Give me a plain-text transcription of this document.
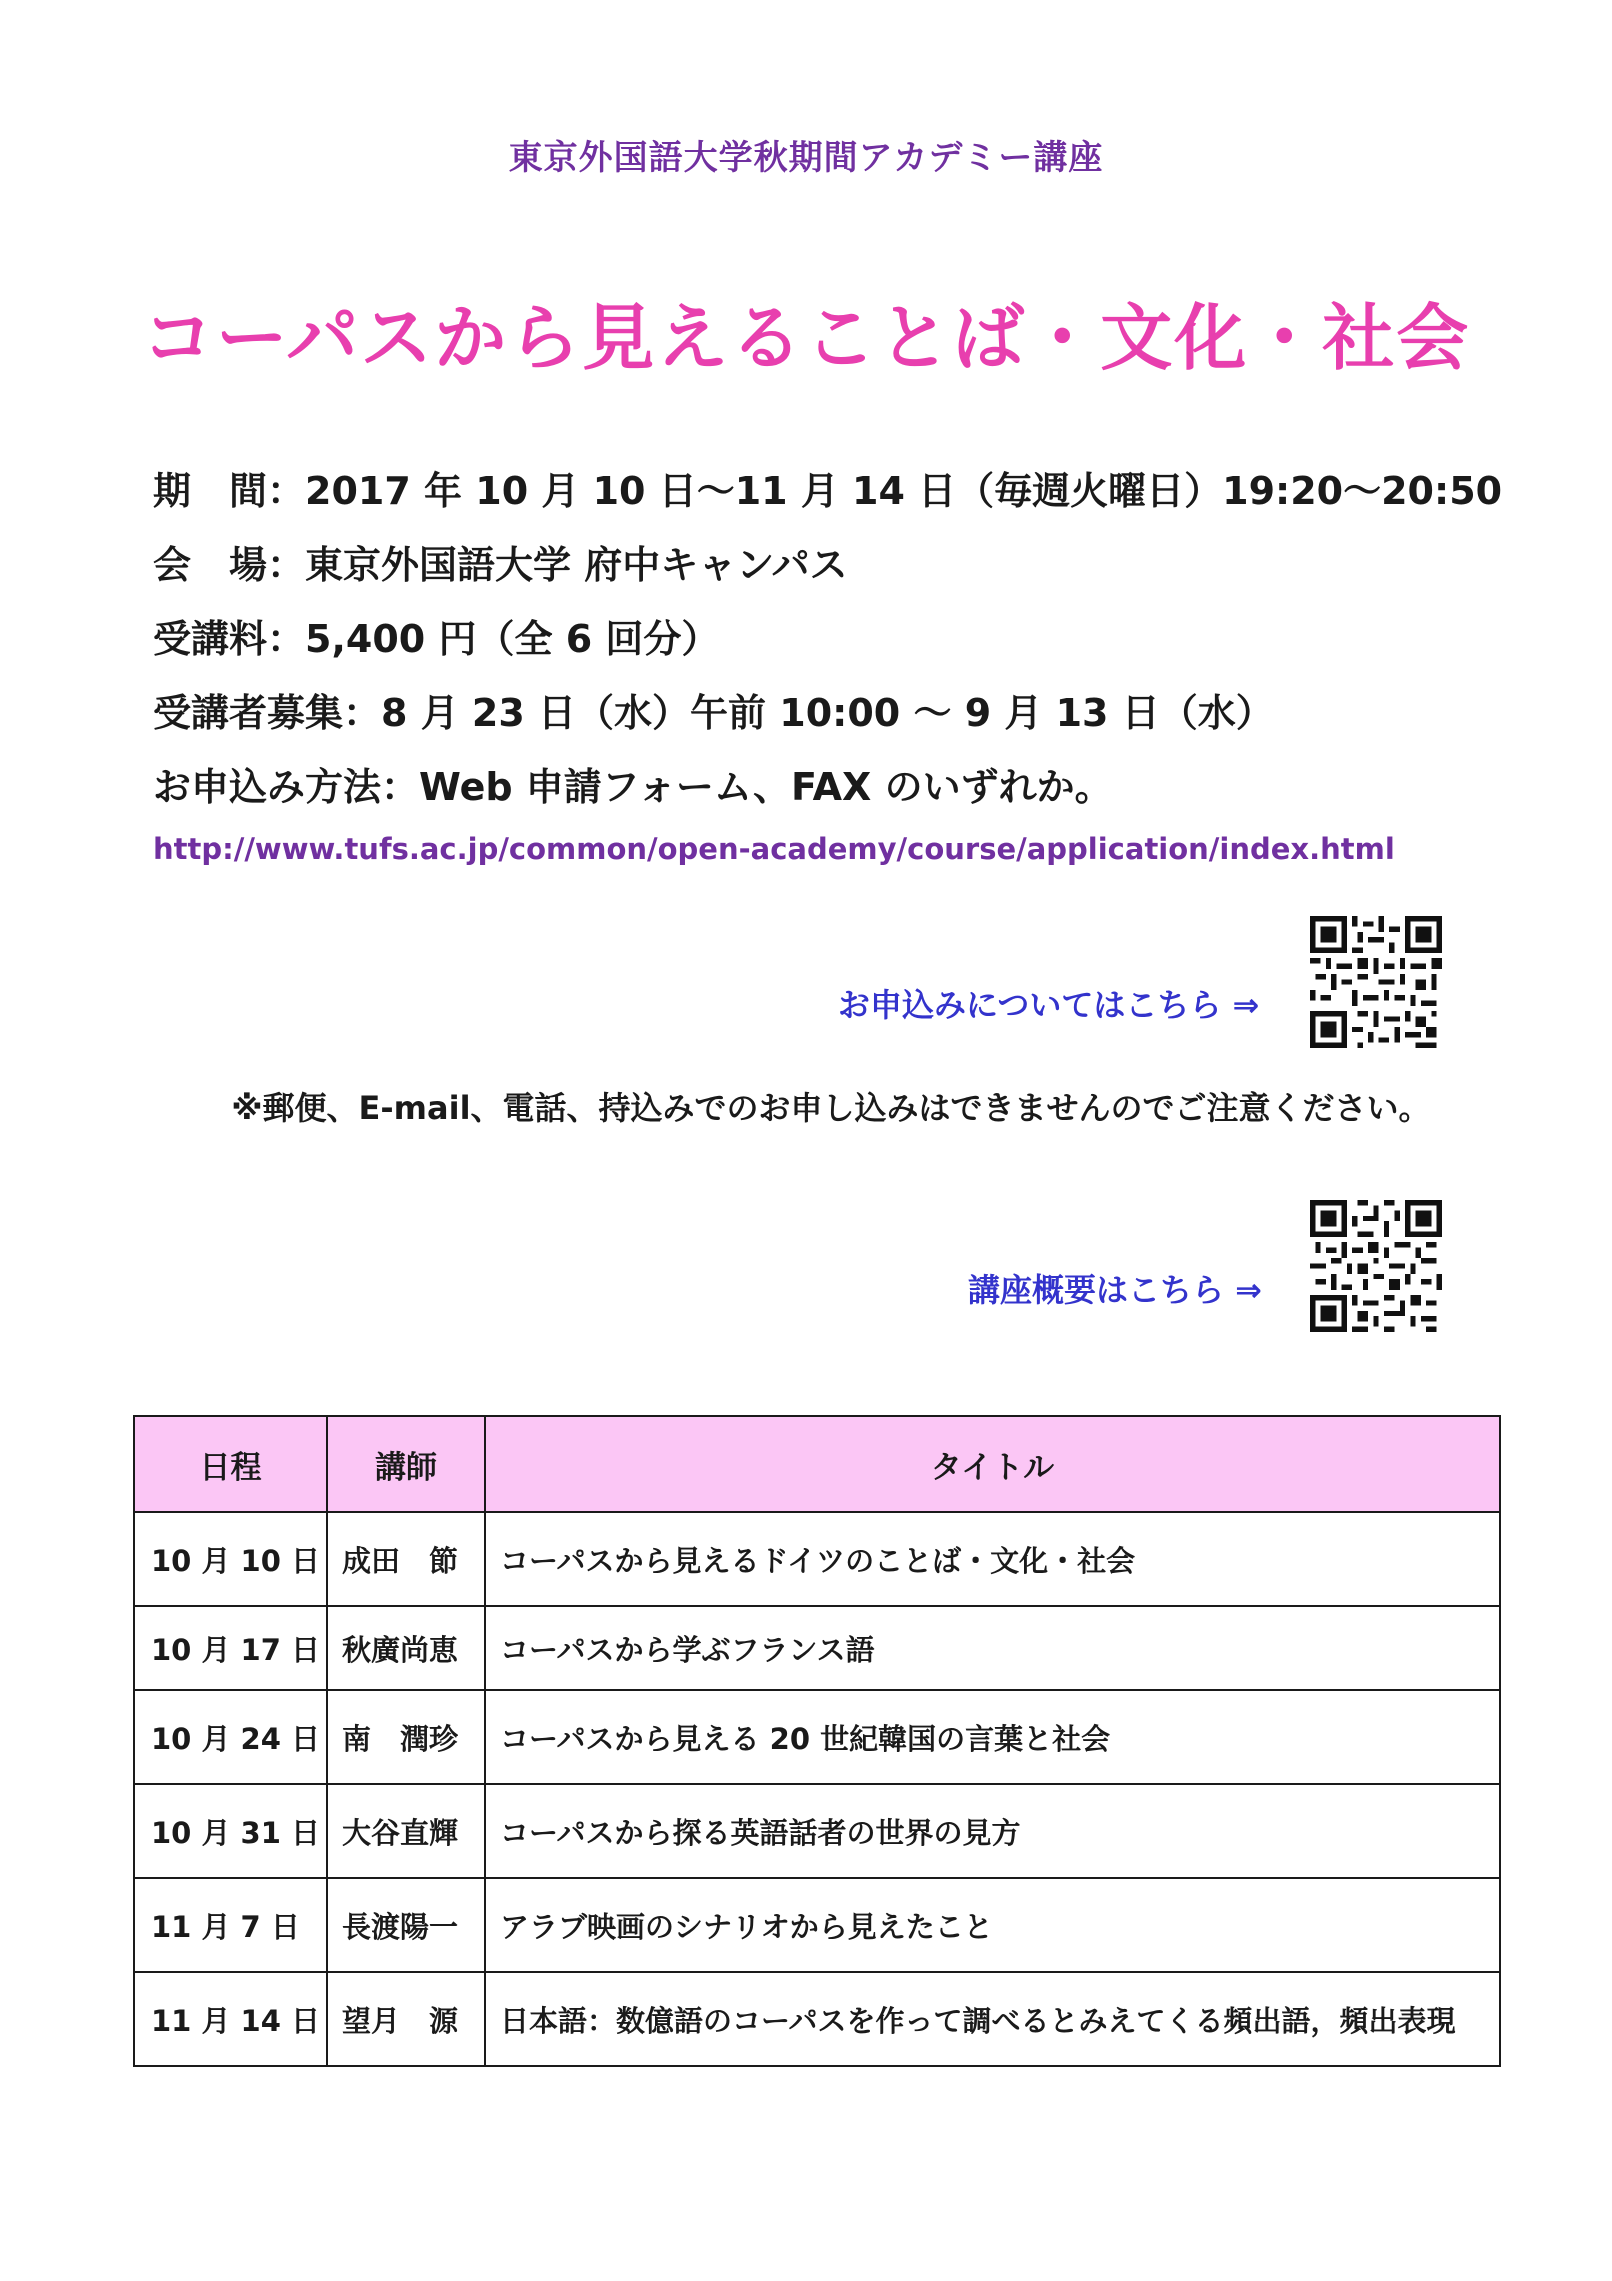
東京外国語大学秋期間アカデミー講座
コーパスから見えることば・文化・社会
期　間：2017 年 10 月 10 日〜11 月 14 日（毎週火曜日）19:20〜20:50
会　場：東京外国語大学 府中キャンパス
受講料：5,400 円（全 6 回分）
受講者募集：8 月 23 日（水）午前 10:00 〜 9 月 13 日（水）
お申込み方法：Web 申請フォーム、FAX のいずれか。
http://www.tufs.ac.jp/common/open-academy/course/application/index.html
お申込みについてはこちら ⇒
※郵便、E-mail、電話、持込みでのお申し込みはできませんのでご注意ください。
講座概要はこちら ⇒
日程	講師	タイトル
10 月 10 日	成田　節	コーパスから見えるドイツのことば・文化・社会
10 月 17 日	秋廣尚恵	コーパスから学ぶフランス語
10 月 24 日	南　潤珍	コーパスから見える 20 世紀韓国の言葉と社会
10 月 31 日	大谷直輝	コーパスから探る英語話者の世界の見方
11 月 7 日	長渡陽一	アラブ映画のシナリオから見えたこと
11 月 14 日	望月　源	日本語：数億語のコーパスを作って調べるとみえてくる頻出語，頻出表現
